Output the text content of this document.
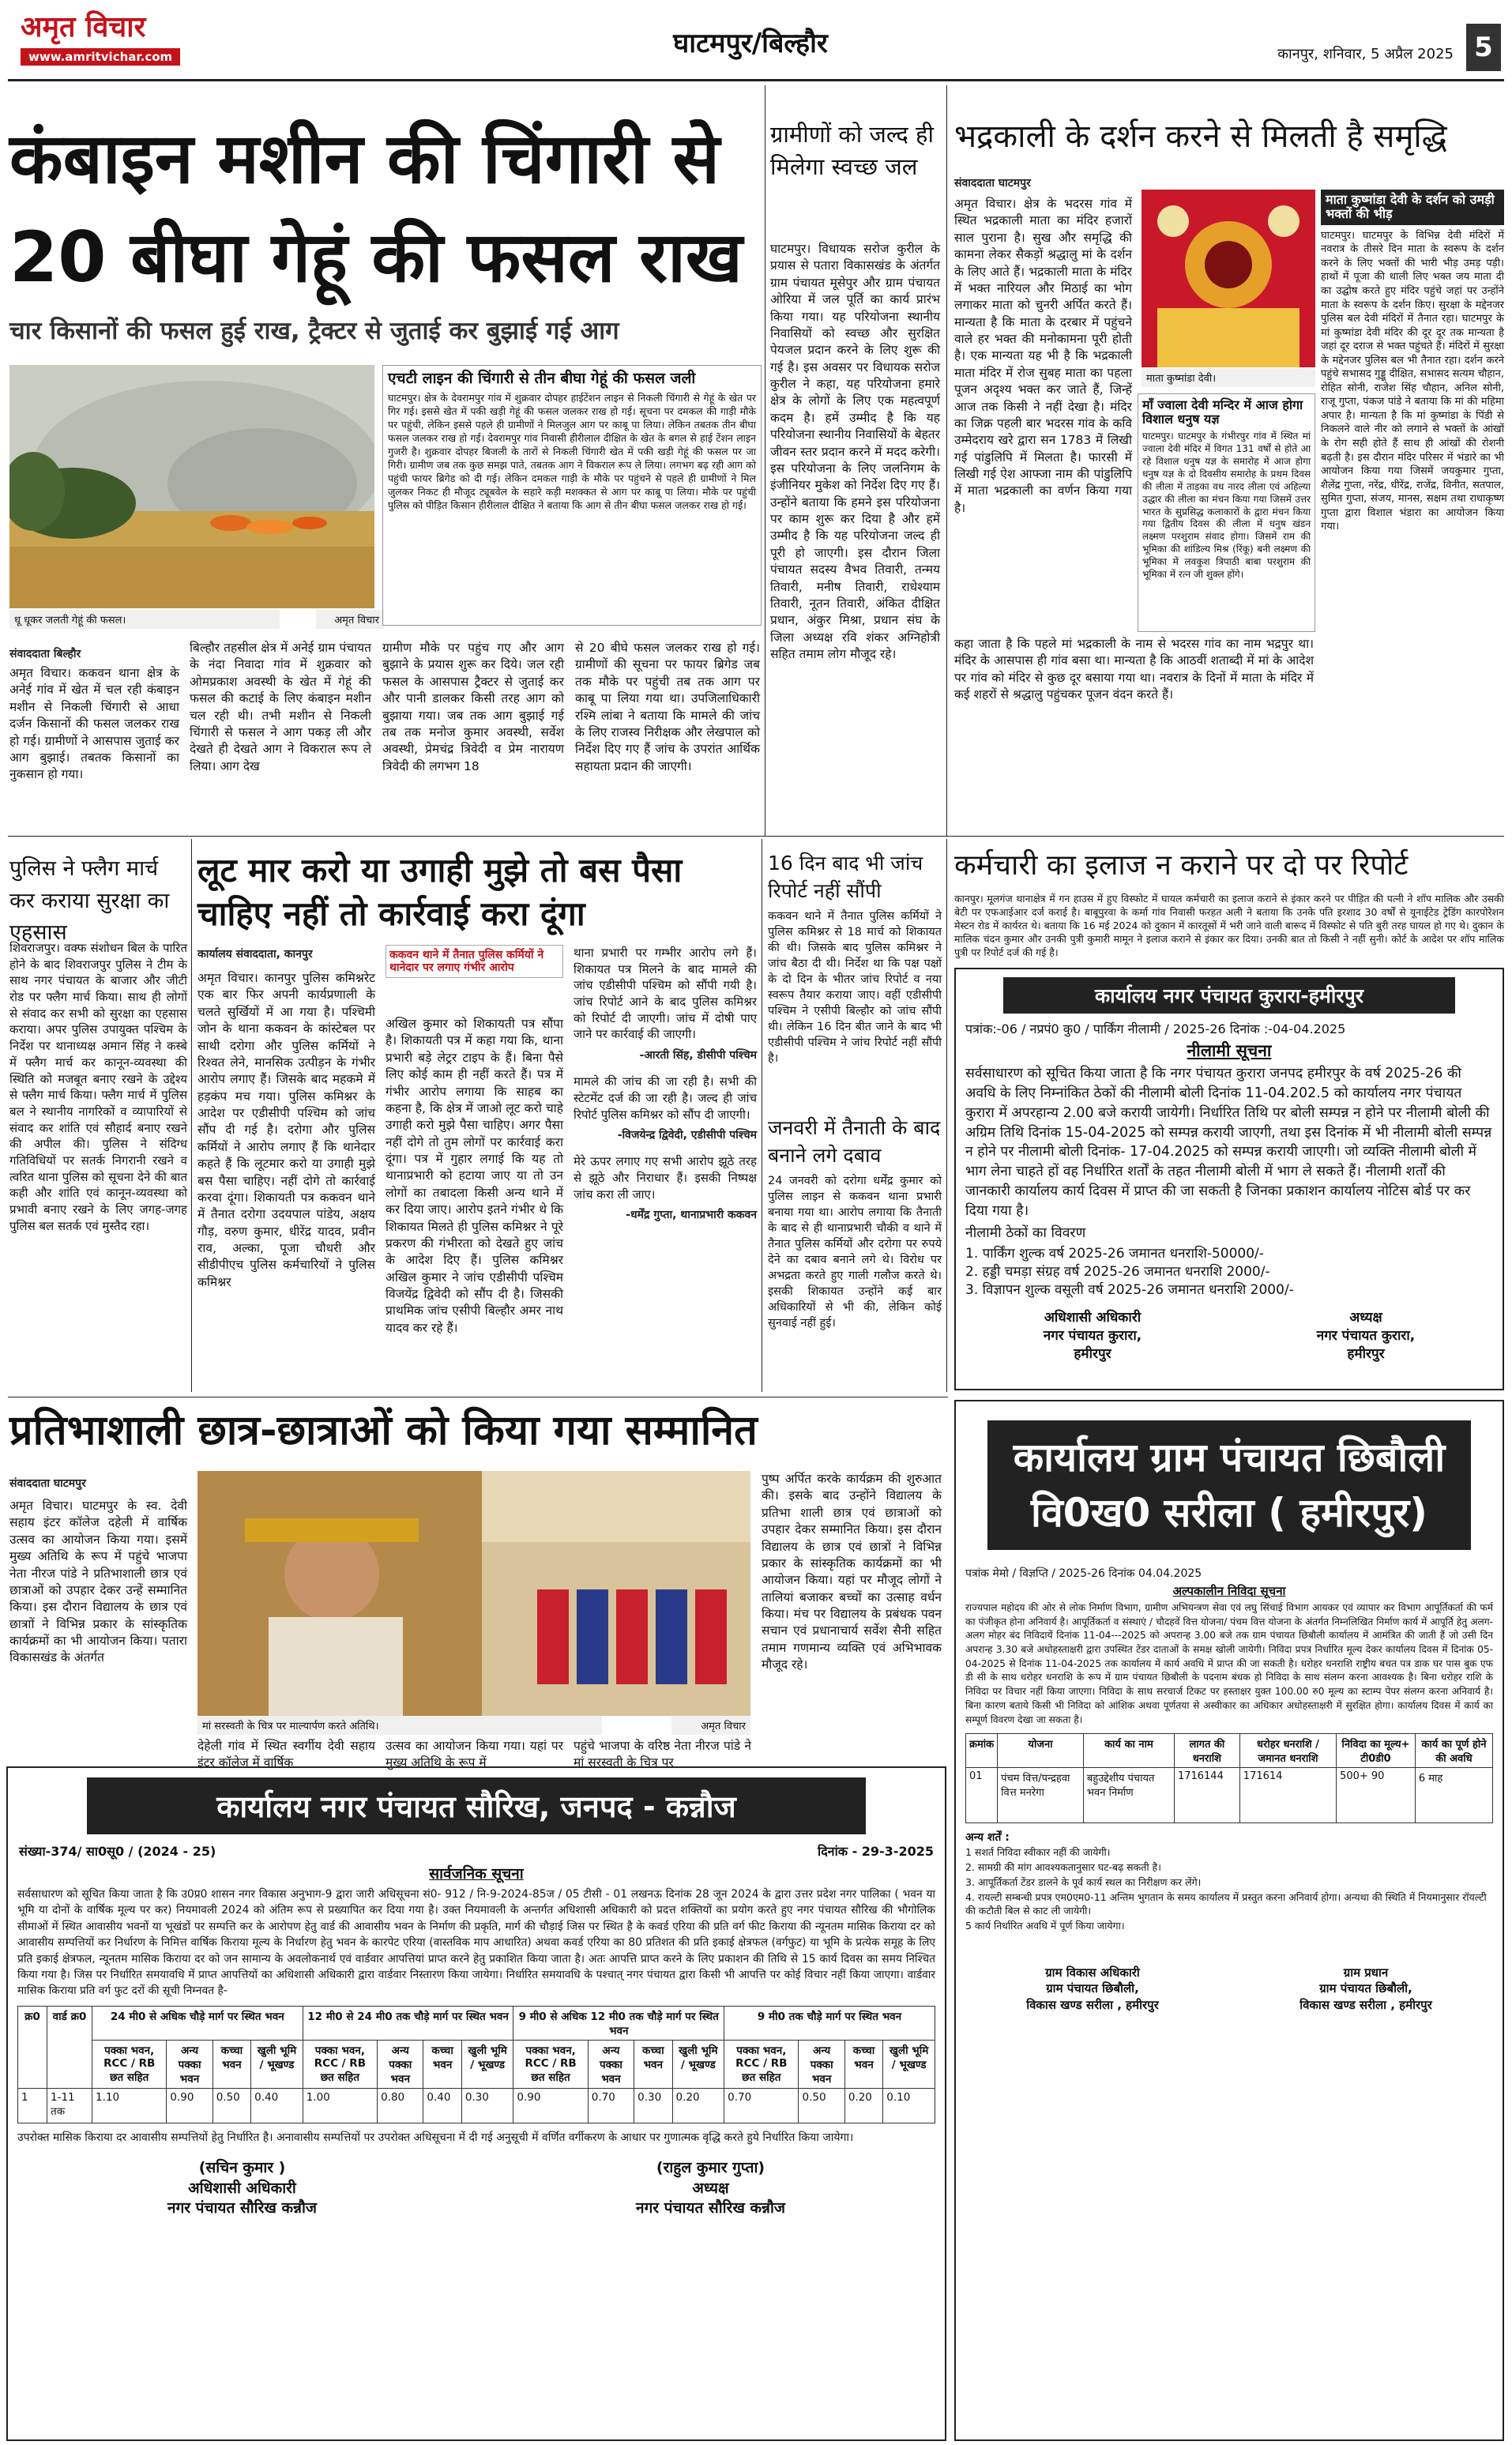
अमृत विचार
www.amritvichar.com	घाटमपुर/बिल्हौर	कानपुर, शनिवार, 5 अप्रैल 2025 5
कंबाइन मशीन की चिंगारी से
20 बीघा गेहूं की फसल राख
चार किसानों की फसल हुई राख, ट्रैक्टर से जुताई कर बुझाई गई आग
धू धूकर जलती गेहूं की फसल।	अमृत विचार
एचटी लाइन की चिंगारी से तीन बीघा गेहूं की फसल जली
घाटमपुर। क्षेत्र के देवरामपुर गांव में शुक्रवार दोपहर हाईटेंशन लाइन से निकली चिंगारी से गेहूं के खेत पर गिर गई। इससे खेत में पकी खड़ी गेहूं की फसल जलकर राख हो गई। सूचना पर दमकल की गाड़ी मौके पर पहुंची, लेकिन इससे पहले ही ग्रामीणों ने मिलजुल आग पर काबू पा लिया। लेकिन तबतक तीन बीघा फसल जलकर राख हो गई। देवरामपुर गांव निवासी हीरीलाल दीक्षित के खेत के बगल से हाई टेंशन लाइन गुजरी है। शुक्रवार दोपहर बिजली के तारों से निकली चिंगारी खेत में पकी खड़ी गेहूं की फसल पर जा गिरी। ग्रामीण जब तक कुछ समझ पाते, तबतक आग ने विकराल रूप ले लिया। लगभग बढ़ रही आग को पहुंची फायर ब्रिगेड को दी गई। लेकिन दमकल गाड़ी के मौके पर पहुंचने से पहले ही ग्रामीणों ने मिल जुलकर निकट ही मौजूद ट्यूबवेल के सहारे कड़ी मशक्कत से आग पर काबू पा लिया। मौके पर पहुंची पुलिस को पीड़ित किसान हीरीलाल दीक्षित ने बताया कि आग से तीन बीघा फसल जलकर राख हो गई।
संवाददाता बिल्हौर
अमृत विचार। ककवन थाना क्षेत्र के अनेई गांव में खेत में चल रही कंबाइन मशीन से निकली चिंगारी से आधा दर्जन किसानों की फसल जलकर राख हो गई। ग्रामीणों ने आसपास जुताई कर आग बुझाई। तबतक किसानों का नुकसान हो गया।
बिल्हौर तहसील क्षेत्र में अनेई ग्राम पंचायत के नंदा निवादा गांव में शुक्रवार को ओमप्रकाश अवस्थी के खेत में गेहूं की फसल की कटाई के लिए कंबाइन मशीन चल रही थी। तभी मशीन से निकली चिंगारी से फसल ने आग पकड़ ली और देखते ही देखते आग ने विकराल रूप ले लिया। आग देख
ग्रामीण मौके पर पहुंच गए और आग बुझाने के प्रयास शुरू कर दिये। जल रही फसल के आसपास ट्रैक्टर से जुताई कर और पानी डालकर किसी तरह आग को बुझाया गया। जब तक आग बुझाई गई तब तक मनोज कुमार अवस्थी, सर्वेश अवस्थी, प्रेमचंद्र त्रिवेदी व प्रेम नारायण त्रिवेदी की लगभग 18
से 20 बीघे फसल जलकर राख हो गई। ग्रामीणों की सूचना पर फायर ब्रिगेड जब तक मौके पर पहुंची तब तक आग पर काबू पा लिया गया था। उपजिलाधिकारी रश्मि लांबा ने बताया कि मामले की जांच के लिए राजस्व निरीक्षक और लेखपाल को निर्देश दिए गए हैं जांच के उपरांत आर्थिक सहायता प्रदान की जाएगी।
ग्रामीणों को जल्द ही मिलेगा स्वच्छ जल
घाटमपुर। विधायक सरोज कुरील के प्रयास से पतारा विकासखंड के अंतर्गत ग्राम पंचायत मूसेपुर और ग्राम पंचायत ओरिया में जल पूर्ति का कार्य प्रारंभ किया गया। यह परियोजना स्थानीय निवासियों को स्वच्छ और सुरक्षित पेयजल प्रदान करने के लिए शुरू की गई है। इस अवसर पर विधायक सरोज कुरील ने कहा, यह परियोजना हमारे क्षेत्र के लोगों के लिए एक महत्वपूर्ण कदम है। हमें उम्मीद है कि यह परियोजना स्थानीय निवासियों के बेहतर जीवन स्तर प्रदान करने में मदद करेगी। इस परियोजना के लिए जलनिगम के इंजीनियर मुकेश को निर्देश दिए गए हैं। उन्होंने बताया कि हमने इस परियोजना पर काम शुरू कर दिया है और हमें उम्मीद है कि यह परियोजना जल्द ही पूरी हो जाएगी। इस दौरान जिला पंचायत सदस्य वैभव तिवारी, तन्मय तिवारी, मनीष तिवारी, राधेश्याम तिवारी, नूतन तिवारी, अंकित दीक्षित प्रधान, अंकुर मिश्रा, प्रधान संघ के जिला अध्यक्ष रवि शंकर अग्निहोत्री सहित तमाम लोग मौजूद रहे।
भद्रकाली के दर्शन करने से मिलती है समृद्धि
संवाददाता घाटमपुर
अमृत विचार। क्षेत्र के भदरस गांव में स्थित भद्रकाली माता का मंदिर हजारों साल पुराना है। सुख और समृद्धि की कामना लेकर सैकड़ों श्रद्धालु मां के दर्शन के लिए आते हैं। भद्रकाली माता के मंदिर में भक्त नारियल और मिठाई का भोग लगाकर माता को चुनरी अर्पित करते हैं। मान्यता है कि माता के दरबार में पहुंचने वाले हर भक्त की मनोकामना पूरी होती है। एक मान्यता यह भी है कि भद्रकाली माता मंदिर में रोज सुबह माता का पहला पूजन अदृश्य भक्त कर जाते हैं, जिन्हें आज तक किसी ने नहीं देखा है। मंदिर का जिक्र पहली बार भदरस गांव के कवि उम्मेदराय खरे द्वारा सन 1783 में लिखी गई पांडुलिपि में मिलता है। फारसी में लिखी गई ऐश आफ्जा नाम की पांडुलिपि में माता भद्रकाली का वर्णन किया गया है।
कहा जाता है कि पहले मां भद्रकाली के नाम से भदरस गांव का नाम भद्रपुर था। मंदिर के आसपास ही गांव बसा था। मान्यता है कि आठवीं शताब्दी में मां के आदेश पर गांव को मंदिर से कुछ दूर बसाया गया था। नवरात्र के दिनों में माता के मंदिर में कई शहरों से श्रद्धालु पहुंचकर पूजन वंदन करते हैं।
माता कुष्मांडा देवी।
माँ ज्वाला देवी मन्दिर में आज होगा विशाल धनुष यज्ञ
घाटमपुर। घाटमपुर के गंभीरपुर गांव में स्थित मां ज्वाला देवी मंदिर में विगत 131 वर्षों से होते आ रहे विशाल धनुष यज्ञ के समारोह में आज होगा धनुष यज्ञ के दो दिवसीय समारोह के प्रथम दिवस की लीला में ताड़का वध नारद लीला एवं अहिल्या उद्धार की लीला का मंचन किया गया जिसमें उत्तर भारत के सुप्रसिद्ध कलाकारों के द्वारा मंचन किया गया द्वितीय दिवस की लीला में धनुष खंडन लक्ष्मण परशुराम संवाद होगा। जिसमें राम की भूमिका की शांडिल्य मिश्र (रिंकू) बनी लक्ष्मण की भूमिका में लवकुश त्रिपाठी बाबा परशुराम की भूमिका में रत्न जी शुक्ल होंगे।
माता कुष्मांडा देवी के दर्शन को उमड़ी भक्तों की भीड़
घाटमपुर। घाटमपुर के विभिन्न देवी मंदिरों में नवरात्र के तीसरे दिन माता के स्वरूप के दर्शन करने के लिए भक्तों की भारी भीड़ उमड़ पड़ी। हाथों में पूजा की थाली लिए भक्त जय माता दी का उद्घोष करते हुए मंदिर पहुंचे जहां पर उन्होंने माता के स्वरूप के दर्शन किए। सुरक्षा के मद्देनजर पुलिस बल देवी मंदिरों में तैनात रहा। घाटमपुर के मां कुष्मांडा देवी मंदिर की दूर दूर तक मान्यता है जहां दूर दराज से भक्त पहुंचते हैं। मंदिरों में सुरक्षा के मद्देनजर पुलिस बल भी तैनात रहा। दर्शन करने पहुंचे सभासद गुड्डू दीक्षित, सभासद सत्यम चौहान, रोहित सोनी, राजेश सिंह चौहान, अनिल सोनी, राजू गुप्ता, पंकज पांडे ने बताया कि मां की महिमा अपार है। मान्यता है कि मां कुष्मांडा के पिंडी से निकलने वाले नीर को लगाने से भक्तों के आंखों के रोग सही होते हैं साथ ही आंखों की रोशनी बढ़ती है। इस दौरान मंदिर परिसर में भंडारे का भी आयोजन किया गया जिसमें जयकुमार गुप्ता, शैलेंद्र गुप्ता, नरेंद्र, धीरेंद्र, राजेंद्र, विनीत, सतपाल, सुमित गुप्ता, संजय, मानस, सक्षम तथा राधाकृष्ण गुप्ता द्वारा विशाल भंडारा का आयोजन किया गया।
पुलिस ने फ्लैग मार्च कर कराया सुरक्षा का एहसास
शिवराजपुर। वक्फ संशोधन बिल के पारित होने के बाद शिवराजपुर पुलिस ने टीम के साथ नगर पंचायत के बाजार और जीटी रोड पर फ्लैग मार्च किया। साथ ही लोगों से संवाद कर सभी को सुरक्षा का एहसास कराया। अपर पुलिस उपायुक्त पश्चिम के निर्देश पर थानाध्यक्ष अमान सिंह ने कस्बे में फ्लैग मार्च कर कानून-व्यवस्था की स्थिति को मजबूत बनाए रखने के उद्देश्य से फ्लैग मार्च किया। फ्लैग मार्च में पुलिस बल ने स्थानीय नागरिकों व व्यापारियों से संवाद कर शांति एवं सौहार्द बनाए रखने की अपील की। पुलिस ने संदिग्ध गतिविधियों पर सतर्क निगरानी रखने व त्वरित थाना पुलिस को सूचना देने की बात कही और शांति एवं कानून-व्यवस्था को प्रभावी बनाए रखने के लिए जगह-जगह पुलिस बल सतर्क एवं मुस्तैद रहा।
लूट मार करो या उगाही मुझे तो बस पैसा चाहिए नहीं तो कार्रवाई करा दूंगा
कार्यालय संवाददाता, कानपुर
अमृत विचार। कानपुर पुलिस कमिश्नरेट एक बार फिर अपनी कार्यप्रणाली के चलते सुर्खियों में आ गया है। पश्चिमी जोन के थाना ककवन के कांस्टेबल पर साथी दरोगा और पुलिस कर्मियों ने रिश्वत लेने, मानसिक उत्पीड़न के गंभीर आरोप लगाए हैं। जिसके बाद महकमे में हड़कंप मच गया। पुलिस कमिश्नर के आदेश पर एडीसीपी पश्चिम को जांच सौंप दी गई है। दरोगा और पुलिस कर्मियों ने आरोप लगाए हैं कि थानेदार कहते हैं कि लूटमार करो या उगाही मुझे बस पैसा चाहिए। नहीं दोगे तो कार्रवाई करवा दूंगा। शिकायती पत्र ककवन थाने में तैनात दरोगा उदयपाल पांडेय, अक्षय गौड़, वरुण कुमार, धीरेंद्र यादव, प्रवीन राव, अल्का, पूजा चौधरी और सीडीपीएच पुलिस कर्मचारियों ने पुलिस कमिश्नर
ककवन थाने में तैनात पुलिस कर्मियों ने थानेदार पर लगाए गंभीर आरोप
अखिल कुमार को शिकायती पत्र सौंपा है। शिकायती पत्र में कहा गया कि, थाना प्रभारी बड़े लेट्रर टाइप के हैं। बिना पैसे लिए कोई काम ही नहीं करते हैं। पत्र में गंभीर आरोप लगाया कि साहब का कहना है, कि क्षेत्र में जाओ लूट करो चाहे उगाही करो मुझे पैसा चाहिए। अगर पैसा नहीं दोगे तो तुम लोगों पर कार्रवाई करा दूंगा। पत्र में गुहार लगाई कि यह तो थानाप्रभारी को हटाया जाए या तो उन लोगों का तबादला किसी अन्य थाने में कर दिया जाए। आरोप इतने गंभीर थे कि शिकायत मिलते ही पुलिस कमिश्नर ने पूरे प्रकरण की गंभीरता को देखते हुए जांच के आदेश दिए हैं। पुलिस कमिश्नर अखिल कुमार ने जांच एडीसीपी पश्चिम विजयेंद्र द्विवेदी को सौंप दी है। जिसकी प्राथमिक जांच एसीपी बिल्हौर अमर नाथ यादव कर रहे हैं।
थाना प्रभारी पर गम्भीर आरोप लगे हैं। शिकायत पत्र मिलने के बाद मामले की जांच एडीसीपी पश्चिम को सौंपी गयी है। जांच रिपोर्ट आने के बाद पुलिस कमिश्नर को रिपोर्ट दी जाएगी। जांच में दोषी पाए जाने पर कार्रवाई की जाएगी।
-आरती सिंह, डीसीपी पश्चिम
मामले की जांच की जा रही है। सभी की स्टेटमेंट दर्ज की जा रही है। जल्द ही जांच रिपोर्ट पुलिस कमिश्नर को सौंप दी जाएगी।
-विजयेन्द्र द्विवेदी, एडीसीपी पश्चिम
मेरे ऊपर लगाए गए सभी आरोप झूठे तरह से झूठे और निराधार हैं। इसकी निष्पक्ष जांच करा ली जाए।
-धर्मेंद्र गुप्ता, थानाप्रभारी ककवन
16 दिन बाद भी जांच रिपोर्ट नहीं सौंपी
ककवन थाने में तैनात पुलिस कर्मियों ने पुलिस कमिश्नर से 18 मार्च को शिकायत की थी। जिसके बाद पुलिस कमिश्नर ने जांच बैठा दी थी। निर्देश था कि पक्ष पक्षों के दो दिन के भीतर जांच रिपोर्ट व नया स्वरूप तैयार कराया जाए। वहीं एडीसीपी पश्चिम ने एसीपी बिल्हौर को जांच सौंपी थी। लेकिन 16 दिन बीत जाने के बाद भी एडीसीपी पश्चिम ने जांच रिपोर्ट नहीं सौंपी है।
जनवरी में तैनाती के बाद बनाने लगे दबाव
24 जनवरी को दरोगा धर्मेंद्र कुमार को पुलिस लाइन से ककवन थाना प्रभारी बनाया गया था। आरोप लगाया कि तैनाती के बाद से ही थानाप्रभारी चौकी व थाने में तैनात पुलिस कर्मियों और दरोगा पर रुपये देने का दबाव बनाने लगे थे। विरोध पर अभद्रता करते हुए गाली गलौज करते थे। इसकी शिकायत उन्होंने कई बार अधिकारियों से भी की, लेकिन कोई सुनवाई नहीं हुई।
कर्मचारी का इलाज न कराने पर दो पर रिपोर्ट
कानपुर। मूलगंज थानाक्षेत्र में गन हाउस में हुए विस्फोट में घायल कर्मचारी का इलाज कराने से इंकार करने पर पीड़ित की पत्नी ने शॉप मालिक और उसकी बेटी पर एफआईआर दर्ज कराई है। बाबूपुरवा के कर्मा गांव निवासी फरहत अली ने बताया कि उनके पति इरशाद 30 वर्षों से यूनाईटेड ट्रेडिंग कारपोरेशन मेस्टन रोड में कार्यरत थे। बताया कि 16 मई 2024 को दुकान में कारतूसों में भरी जाने वाली बारूद में विस्फोट से पति बुरी तरह घायल हो गए थे। दुकान के मालिक चंदन कुमार और उनकी पुत्री कुमारी मामून ने इलाज कराने से इंकार कर दिया। उनकी बात तो किसी ने नहीं सुनी। कोर्ट के आदेश पर शॉप मालिक पुत्री पर रिपोर्ट दर्ज की गई है।
कार्यालय नगर पंचायत कुरारा-हमीरपुर
पत्रांक:-06 / नप्रपं0 कु0 / पार्किंग नीलामी / 2025-26 दिनांक :-04-04.2025
नीलामी सूचना
सर्वसाधारण को सूचित किया जाता है कि नगर पंचायत कुरारा जनपद हमीरपुर के वर्ष 2025-26 की अवधि के लिए निम्नांकित ठेकों की नीलामी बोली दिनांक 11-04.202.5 को कार्यालय नगर पंचायत कुरारा में अपरहान्य 2.00 बजे करायी जायेगी। निर्धारित तिथि पर बोली सम्पन्न न होने पर नीलामी बोली की अग्रिम तिथि दिनांक 15-04-2025 को सम्पन्न करायी जाएगी, तथा इस दिनांक में भी नीलामी बोली सम्पन्न न होने पर नीलामी बोली दिनांक- 17-04.2025 को सम्पन्न करायी जाएगी। जो व्यक्ति नीलामी बोली में भाग लेना चाहते हों वह निर्धारित शर्तों के तहत नीलामी बोली में भाग ले सकते हैं। नीलामी शर्तों की जानकारी कार्यालय कार्य दिवस में प्राप्त की जा सकती है जिनका प्रकाशन कार्यालय नोटिस बोर्ड पर कर दिया गया है।
नीलामी ठेकों का विवरण
1. पार्किंग शुल्क वर्ष 2025-26 जमानत धनराशि-50000/-
2. हड्डी चमड़ा संग्रह वर्ष 2025-26 जमानत धनराशि 2000/-
3. विज्ञापन शुल्क वसूली वर्ष 2025-26 जमानत धनराशि 2000/-
अधिशासी अधिकारी
नगर पंचायत कुरारा,
हमीरपुर
अध्यक्ष
नगर पंचायत कुरारा,
हमीरपुर
प्रतिभाशाली छात्र-छात्राओं को किया गया सम्मानित
संवाददाता घाटमपुर
अमृत विचार। घाटमपुर के स्व. देवी सहाय इंटर कॉलेज दहेली में वार्षिक उत्सव का आयोजन किया गया। इसमें मुख्य अतिथि के रूप में पहुंचे भाजपा नेता नीरज पांडे ने प्रतिभाशाली छात्र एवं छात्राओं को उपहार देकर उन्हें सम्मानित किया। इस दौरान विद्यालय के छात्र एवं छात्राों ने विभिन्न प्रकार के सांस्कृतिक कार्यक्रमों का भी आयोजन किया। पतारा विकासखंड के अंतर्गत
मां सरस्वती के चित्र पर माल्यार्पण करते अतिथि।	अमृत विचार
देहेली गांव में स्थित स्वर्गीय देवी सहाय इंटर कॉलेज में वार्षिक
उत्सव का आयोजन किया गया। यहां पर मुख्य अतिथि के रूप में
पहुंचे भाजपा के वरिष्ठ नेता नीरज पांडे ने मां सरस्वती के चित्र पर
पुष्प अर्पित करके कार्यक्रम की शुरुआत की। इसके बाद उन्होंने विद्यालय के प्रतिभा शाली छात्र एवं छात्राओं को उपहार देकर सम्मानित किया। इस दौरान विद्यालय के छात्र एवं छात्रों ने विभिन्न प्रकार के सांस्कृतिक कार्यक्रमों का भी आयोजन किया। यहां पर मौजूद लोगों ने तालियां बजाकर बच्चों का उत्साह वर्धन किया। मंच पर विद्यालय के प्रबंधक पवन सचान एवं प्रधानाचार्य सर्वेश सैनी सहित तमाम गणमान्य व्यक्ति एवं अभिभावक मौजूद रहे।
कार्यालय ग्राम पंचायत छिबौली वि0ख0 सरीला ( हमीरपुर)
पत्रांक मेमो / विज्ञप्ति / 2025-26 दिनांक 04.04.2025
अल्पकालीन निविदा सूचना
राज्यपाल महोदय की ओर से लोक निर्माण विभाग, ग्रामीण अभियन्त्रण सेवा एवं लघु सिंचाई विभाग आयकर एवं व्यापार कर विभाग आपूर्तिकर्ता की फर्म का पंजीकृत होना अनिवार्य है। आपूर्तिकर्ता व संस्थाएं / चौदहवें वित्त योजना/ पंचम वित्त योजना के अंतर्गत निम्नलिखित निर्माण कार्य में आपूर्ति हेतु अलग-अलग मोहर बंद निविदायें दिनांक 11-04---2025 को अपरान्ह 3.00 बजे तक ग्राम पंचायत छिबौली कार्यालय में आमंत्रित की जाती हैं जो उसी दिन अपरान्ह 3.30 बजे अधोहस्ताक्षरी द्वारा उपस्थित टेंडर दाताओं के समक्ष खोली जायेगी। निविदा प्रपत्र निर्धारित मूल्य देकर कार्यालय दिवस में दिनांक 05-04-2025 से दिनांक 11-04-2025 तक कार्यालय में कार्य अवधि में प्राप्त की जा सकती है। धरोहर धनराशि राष्ट्रीय बचत पत्र डाक घर पास बुक एफ डी सी के साथ धरोहर धनराशि के रूप में ग्राम पंचायत छिबौली के पदनाम बंधक हो निविदा के साथ संलग्न करना आवश्यक है। बिना धरोहर राशि के निविदा पर विचार नहीं किया जाएगा। निविदा के साथ सरचार्ज टिकट पर हस्ताक्षर युक्त 100.00 रु0 मूल्य का स्टाम्प पेपर संलग्न करना अनिवार्य है। बिना कारण बताये किसी भी निविदा को आंशिक अथवा पूर्णतया से अस्वीकार का अधिकार अधोहस्ताक्षरी में सुरक्षित होगा। कार्यालय दिवस में कार्य का सम्पूर्ण विवरण देखा जा सकता है।
क्रमांक	योजना	कार्य का नाम	लागत की धनराशि	धरोहर धनराशि / जमानत धनराशि	निविदा का मूल्य+ टी0डी0	कार्य का पूर्ण होने की अवधि
01	पंचम वित्त/पन्द्रहवा वित्त मनरेगा	बहुउद्देशीय पंचायत भवन निर्माण	1716144	171614	500+ 90	6 माह
अन्य शर्तें :
1 सशर्त निविदा स्वीकार नहीं की जायेगी।
2. सामग्री की मांग आवश्यकतानुसार घट-बढ़ सकती है।
3. आपूर्तिकर्ता टेंडर डालने के पूर्व कार्य स्थल का निरीक्षण कर लेंगे।
4. रायल्टी सम्बन्धी प्रपत्र एम0एम0-11 अन्तिम भुगतान के समय कार्यालय में प्रस्तुत करना अनिवार्य होगा। अन्यथा की स्थिति में नियमानुसार रॉयल्टी की कटौती बिल से काट ली जायेगी।
5 कार्य निर्धारित अवधि में पूर्ण किया जायेगा।
ग्राम विकास अधिकारी
ग्राम पंचायत छिबौली,
विकास खण्ड सरीला , हमीरपुर
ग्राम प्रधान
ग्राम पंचायत छिबौली,
विकास खण्ड सरीला , हमीरपुर
कार्यालय नगर पंचायत सौरिख, जनपद - कन्नौज
संख्या-374/ सा0सू0 / (2024 - 25)	दिनांक - 29-3-2025
सार्वजनिक सूचना
सर्वसाधारण को सूचित किया जाता है कि उ0प्र0 शासन नगर विकास अनुभाग-9 द्वारा जारी अधिसूचना सं0- 912 / नि-9-2024-85ज / 05 टीसी - 01 लखनऊ दिनांक 28 जून 2024 के द्वारा उत्तर प्रदेश नगर पालिका ( भवन या भूमि या दोनों के वार्षिक मूल्य पर कर) नियमावली 2024 को अंतिम रूप से प्रख्यापित कर दिया गया है। उक्त नियमावली के अन्तर्गत अधिशासी अधिकारी को प्रदत्त शक्तियों का प्रयोग करते हुए नगर पंचायत सौरिख की भौगोलिक सीमाओं में स्थित आवासीय भवनों या भूखंडों पर सम्पत्ति कर के आरोपण हेतु वार्ड की आवासीय भवन के निर्माण की प्रकृति, मार्ग की चौड़ाई जिस पर स्थित है के कवर्ड एरिया की प्रति वर्ग फीट किराया की न्यूनतम मासिक किराया दर को आवासीय सम्पत्तियों कर निर्धारण के निमित्त वार्षिक किराया मूल्य के निर्धारण हेतु भवन के कारपेट एरिया (वास्तविक माप आधारित) अथवा कवर्ड एरिया का 80 प्रतिशत की प्रति इकाई क्षेत्रफल (वर्गफुट) या भूमि के प्रत्येक समूह के लिए प्रति इकाई क्षेत्रफल, न्यूनतम मासिक किराया दर को जन सामान्य के अवलोकनार्थ एवं वार्डवार आपत्तियां प्राप्त करने हेतु प्रकाशित किया जाता है। अतः आपत्ति प्राप्त करने के लिए प्रकाशन की तिथि से 15 कार्य दिवस का समय निश्चित किया गया है। जिस पर निर्धारित समयावधि में प्राप्त आपत्तियों का अधिशासी अधिकारी द्वारा वार्डवार निस्तारण किया जायेगा। निर्धारित समयावधि के पश्चात् नगर पंचायत द्वारा किसी भी आपत्ति पर कोई विचार नहीं किया जाएगा। वार्डवार मासिक किराया प्रति वर्ग फुट दरों की सूची निम्नवत है-
क्र0	वार्ड क्र0	24 मी0 से अधिक चौड़े मार्ग पर स्थित भवन				12 मी0 से 24 मी0 तक चौड़े मार्ग पर स्थित भवन				9 मी0 से अधिक 12 मी0 तक चौड़े मार्ग पर स्थित भवन				9 मी0 तक चौड़े मार्ग पर स्थित भवन			
		पक्का भवन, RCC / RB छत सहित	अन्य पक्का भवन	कच्चा भवन	खुली भूमि / भूखण्ड	पक्का भवन, RCC / RB छत सहित	अन्य पक्का भवन	कच्चा भवन	खुली भूमि / भूखण्ड	पक्का भवन, RCC / RB छत सहित	अन्य पक्का भवन	कच्चा भवन	खुली भूमि / भूखण्ड	पक्का भवन, RCC / RB छत सहित	अन्य पक्का भवन	कच्चा भवन	खुली भूमि / भूखण्ड
1	1-11 तक	1.10	0.90	0.50	0.40	1.00	0.80	0.40	0.30	0.90	0.70	0.30	0.20	0.70	0.50	0.20	0.10
उपरोक्त मासिक किराया दर आवासीय सम्पत्तियों हेतु निर्धारित है। अनावासीय सम्पत्तियों पर उपरोक्त अधिसूचना में दी गई अनुसूची में वर्णित वर्गीकरण के आधार पर गुणात्मक वृद्धि करते हुये निर्धारित किया जायेगा।
(सचिन कुमार )
अधिशासी अधिकारी
नगर पंचायत सौरिख कन्नौज
(राहुल कुमार गुप्ता)
अध्यक्ष
नगर पंचायत सौरिख कन्नौज
